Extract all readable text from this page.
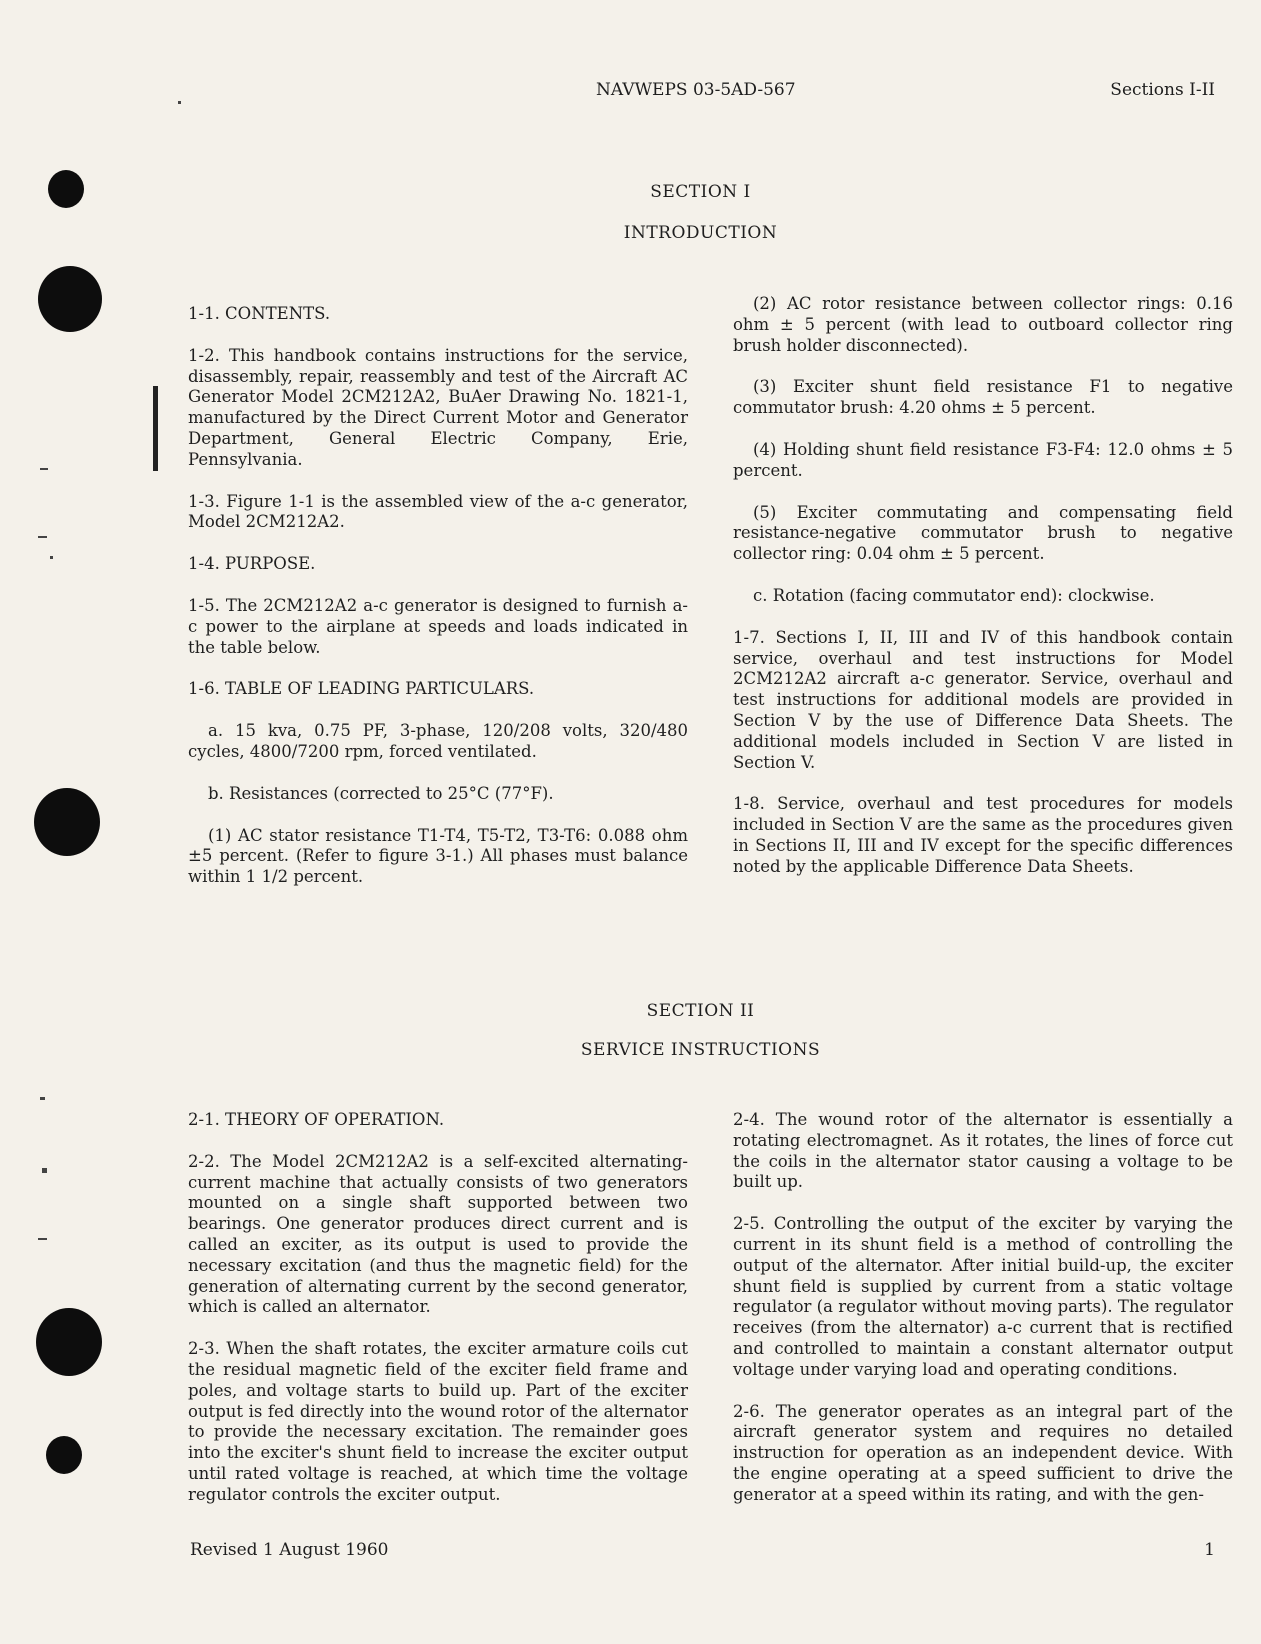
NAVWEPS 03-5AD-567	Sections I-II
SECTION I
INTRODUCTION

1-1. CONTENTS.

1-2. This handbook contains instructions for the service, disassembly, repair, reassembly and test of the Aircraft AC Generator Model 2CM212A2, BuAer Drawing No. 1821-1, manufactured by the Direct Current Motor and Generator Department, General Electric Company, Erie, Pennsylvania.

1-3. Figure 1-1 is the assembled view of the a-c generator, Model 2CM212A2.

1-4. PURPOSE.

1-5. The 2CM212A2 a-c generator is designed to furnish a-c power to the airplane at speeds and loads indicated in the table below.

1-6. TABLE OF LEADING PARTICULARS.

a. 15 kva, 0.75 PF, 3-phase, 120/208 volts, 320/480 cycles, 4800/7200 rpm, forced ventilated.

b. Resistances (corrected to 25°C (77°F).

(1) AC stator resistance T1-T4, T5-T2, T3-T6: 0.088 ohm ±5 percent. (Refer to figure 3-1.) All phases must balance within 1 1/2 percent.

(2) AC rotor resistance between collector rings: 0.16 ohm ± 5 percent (with lead to outboard collector ring brush holder disconnected).

(3) Exciter shunt field resistance F1 to negative commutator brush: 4.20 ohms ± 5 percent.

(4) Holding shunt field resistance F3-F4: 12.0 ohms ± 5 percent.

(5) Exciter commutating and compensating field resistance-negative commutator brush to negative collector ring: 0.04 ohm ± 5 percent.

c. Rotation (facing commutator end): clockwise.

1-7. Sections I, II, III and IV of this handbook contain service, overhaul and test instructions for Model 2CM212A2 aircraft a-c generator. Service, overhaul and test instructions for additional models are provided in Section V by the use of Difference Data Sheets. The additional models included in Section V are listed in Section V.

1-8. Service, overhaul and test procedures for models included in Section V are the same as the procedures given in Sections II, III and IV except for the specific differences noted by the applicable Difference Data Sheets.

SECTION II
SERVICE INSTRUCTIONS

2-1. THEORY OF OPERATION.

2-2. The Model 2CM212A2 is a self-excited alternating-current machine that actually consists of two generators mounted on a single shaft supported between two bearings. One generator produces direct current and is called an exciter, as its output is used to provide the necessary excitation (and thus the magnetic field) for the generation of alternating current by the second generator, which is called an alternator.

2-3. When the shaft rotates, the exciter armature coils cut the residual magnetic field of the exciter field frame and poles, and voltage starts to build up. Part of the exciter output is fed directly into the wound rotor of the alternator to provide the necessary excitation. The remainder goes into the exciter's shunt field to increase the exciter output until rated voltage is reached, at which time the voltage regulator controls the exciter output.

2-4. The wound rotor of the alternator is essentially a rotating electromagnet. As it rotates, the lines of force cut the coils in the alternator stator causing a voltage to be built up.

2-5. Controlling the output of the exciter by varying the current in its shunt field is a method of controlling the output of the alternator. After initial build-up, the exciter shunt field is supplied by current from a static voltage regulator (a regulator without moving parts). The regulator receives (from the alternator) a-c current that is rectified and controlled to maintain a constant alternator output voltage under varying load and operating conditions.

2-6. The generator operates as an integral part of the aircraft generator system and requires no detailed instruction for operation as an independent device. With the engine operating at a speed sufficient to drive the generator at a speed within its rating, and with the gen-

Revised 1 August 1960	1
